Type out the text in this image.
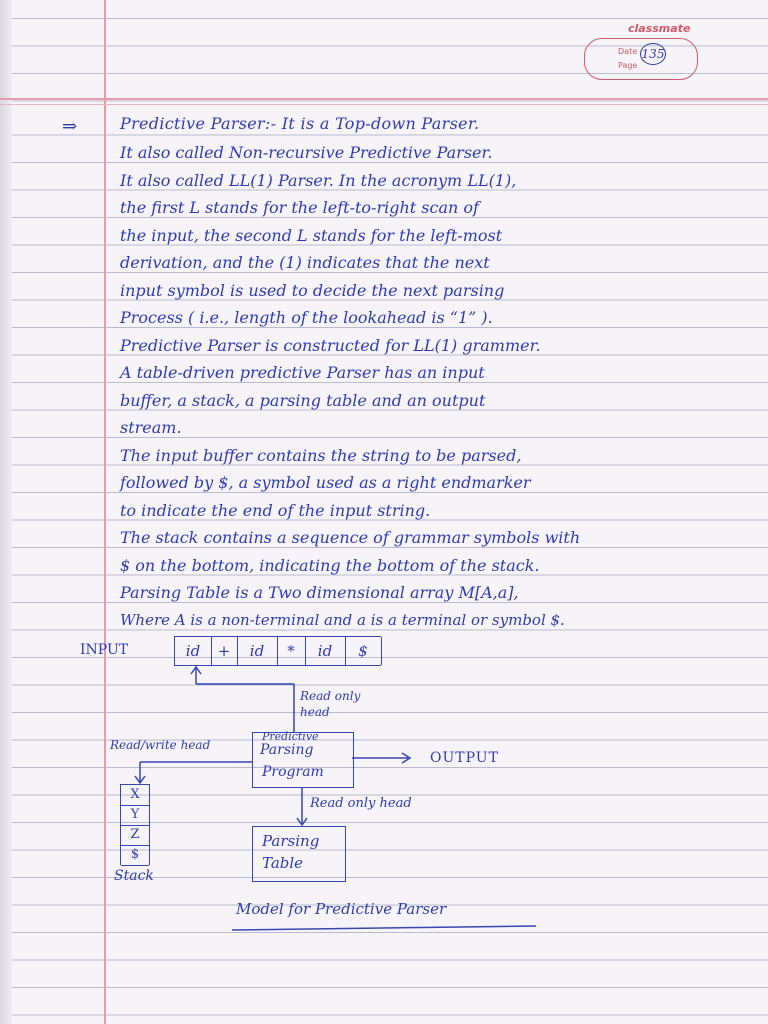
classmate
Date
Page
135
⇒	Predictive Parser:- It is a Top-down Parser.
It also called Non-recursive Predictive Parser.
It also called LL(1) Parser. In the acronym LL(1),
the first L stands for the left-to-right scan of
the input, the second L stands for the left-most
derivation, and the (1) indicates that the next
input symbol is used to decide the next parsing
Process ( i.e., length of the lookahead is “1” ).
Predictive Parser is constructed for LL(1) grammer.
A table-driven predictive Parser has an input
buffer, a stack, a parsing table and an output
stream.
The input buffer contains the string to be parsed,
followed by $, a symbol used as a right endmarker
to indicate the end of the input string.
The stack contains a sequence of grammar symbols with
$ on the bottom, indicating the bottom of the stack.
Parsing Table is a Two dimensional array M[A,a],
Where A is a non-terminal and a is a terminal or symbol $.
INPUT	id	+	id	*	id	$
Read only head
Read/write head
Predictive
Parsing
Program
OUTPUT
Read only head
X
Y
Z
$
Stack
Parsing
Table
Model for Predictive Parser
